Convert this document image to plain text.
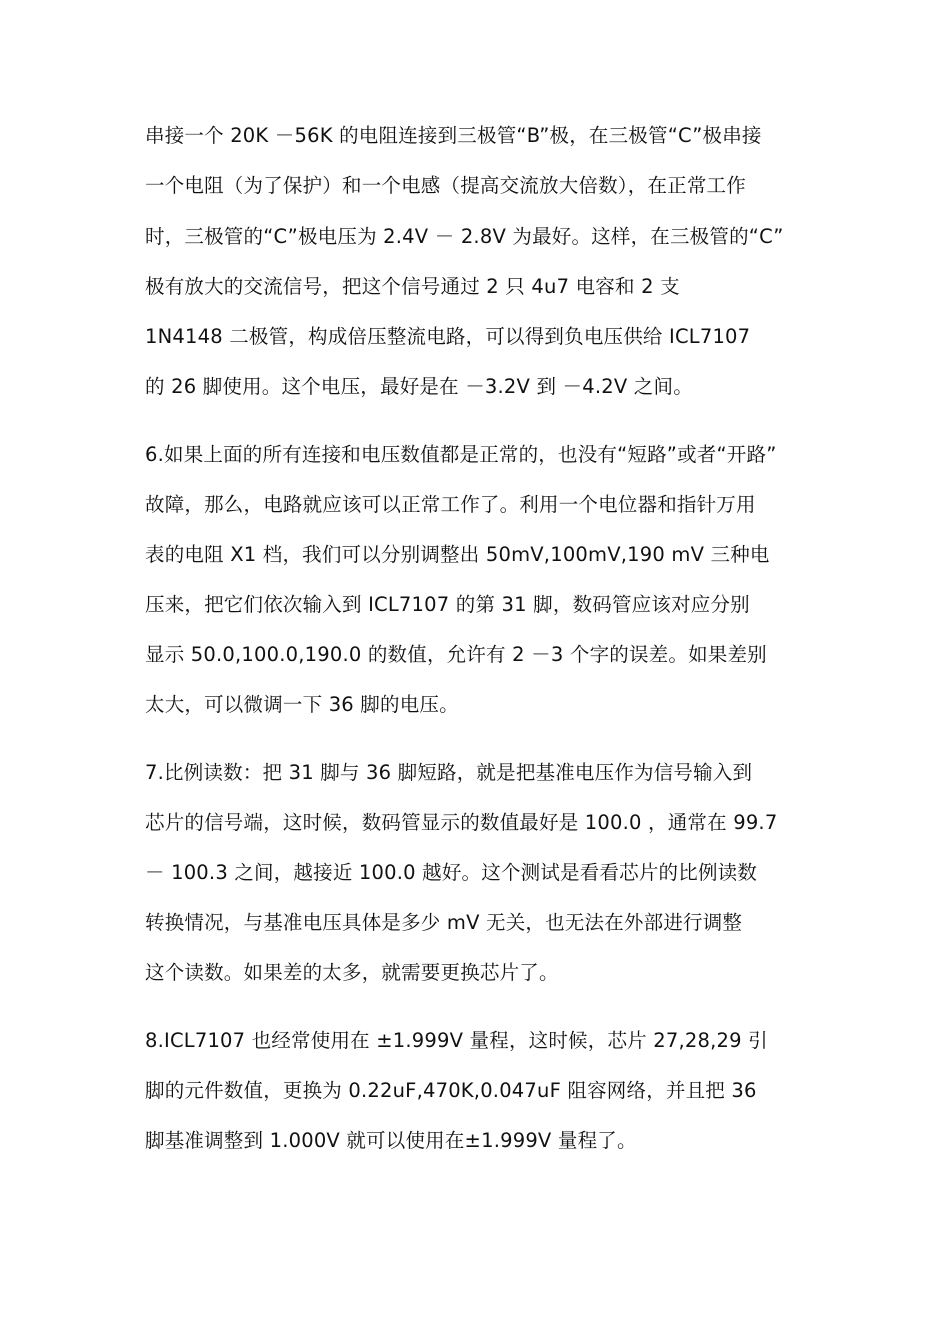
串接一个 20K －56K 的电阻连接到三极管“B”极，在三极管“C”极串接
一个电阻（为了保护）和一个电感（提高交流放大倍数），在正常工作
时，三极管的“C”极电压为 2.4V － 2.8V 为最好。这样，在三极管的“C”
极有放大的交流信号，把这个信号通过 2 只 4u7 电容和 2 支
1N4148 二极管，构成倍压整流电路，可以得到负电压供给 ICL7107
的 26 脚使用。这个电压，最好是在 －3.2V 到 －4.2V 之间。
6.如果上面的所有连接和电压数值都是正常的，也没有“短路”或者“开路”
故障，那么，电路就应该可以正常工作了。利用一个电位器和指针万用
表的电阻 X1 档，我们可以分别调整出 50mV,100mV,190 mV 三种电
压来，把它们依次输入到 ICL7107 的第 31 脚，数码管应该对应分别
显示 50.0,100.0,190.0 的数值，允许有 2 －3 个字的误差。如果差别
太大，可以微调一下 36 脚的电压。
7.比例读数：把 31 脚与 36 脚短路，就是把基准电压作为信号输入到
芯片的信号端，这时候，数码管显示的数值最好是 100.0 ，通常在 99.7
－ 100.3 之间，越接近 100.0 越好。这个测试是看看芯片的比例读数
转换情况，与基准电压具体是多少 mV 无关，也无法在外部进行调整
这个读数。如果差的太多，就需要更换芯片了。
8.ICL7107 也经常使用在 ±1.999V 量程，这时候，芯片 27,28,29 引
脚的元件数值，更换为 0.22uF,470K,0.047uF 阻容网络，并且把 36
脚基准调整到 1.000V 就可以使用在±1.999V 量程了。
